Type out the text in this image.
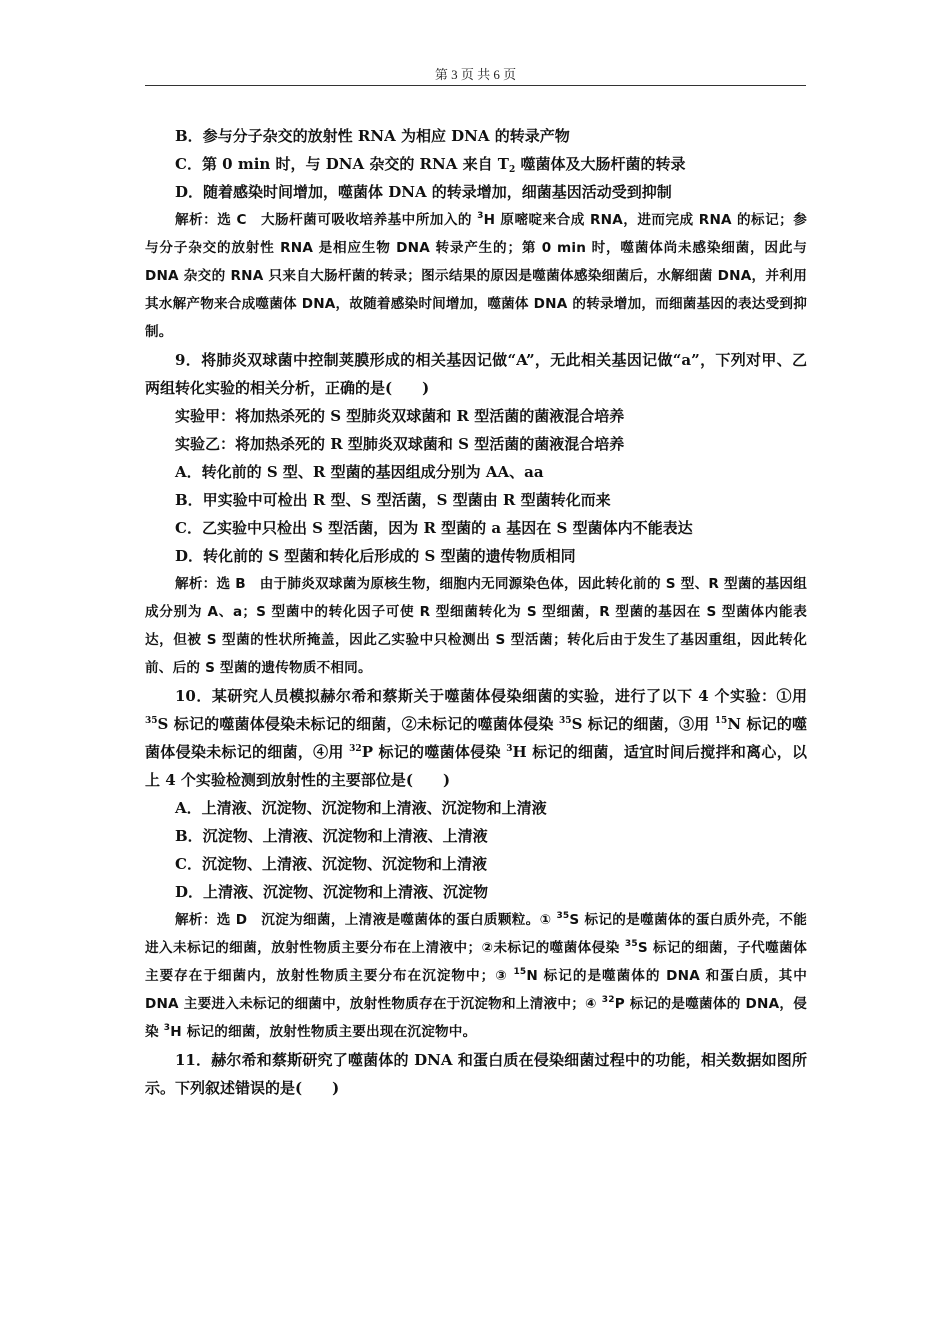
第 3 页 共 6 页

B．参与分子杂交的放射性 RNA 为相应 DNA 的转录产物

C．第 0 min 时，与 DNA 杂交的 RNA 来自 $T_2$ 噬菌体及大肠杆菌的转录

D．随着感染时间增加，噬菌体 DNA 的转录增加，细菌基因活动受到抑制

解析：选 C　大肠杆菌可吸收培养基中所加入的 $^3$H 原嘧啶来合成 RNA，进而完成 RNA 的标记；参与分子杂交的放射性 RNA 是相应生物 DNA 转录产生的；第 0 min 时，噬菌体尚未感染细菌，因此与 DNA 杂交的 RNA 只来自大肠杆菌的转录；图示结果的原因是噬菌体感染细菌后，水解细菌 DNA，并利用其水解产物来合成噬菌体 DNA，故随着感染时间增加，噬菌体 DNA 的转录增加，而细菌基因的表达受到抑制。

9．将肺炎双球菌中控制荚膜形成的相关基因记做“A”，无此相关基因记做“a”，下列对甲、乙两组转化实验的相关分析，正确的是(　　)

实验甲：将加热杀死的 S 型肺炎双球菌和 R 型活菌的菌液混合培养

实验乙：将加热杀死的 R 型肺炎双球菌和 S 型活菌的菌液混合培养

A．转化前的 S 型、R 型菌的基因组成分别为 AA、aa

B．甲实验中可检出 R 型、S 型活菌，S 型菌由 R 型菌转化而来

C．乙实验中只检出 S 型活菌，因为 R 型菌的 a 基因在 S 型菌体内不能表达

D．转化前的 S 型菌和转化后形成的 S 型菌的遗传物质相同

解析：选 B　由于肺炎双球菌为原核生物，细胞内无同源染色体，因此转化前的 S 型、R 型菌的基因组成分别为 A、a；S 型菌中的转化因子可使 R 型细菌转化为 S 型细菌，R 型菌的基因在 S 型菌体内能表达，但被 S 型菌的性状所掩盖，因此乙实验中只检测出 S 型活菌；转化后由于发生了基因重组，因此转化前、后的 S 型菌的遗传物质不相同。

10．某研究人员模拟赫尔希和蔡斯关于噬菌体侵染细菌的实验，进行了以下 4 个实验：①用 $^{35}$S 标记的噬菌体侵染未标记的细菌，②未标记的噬菌体侵染 $^{35}$S 标记的细菌，③用 $^{15}$N 标记的噬菌体侵染未标记的细菌，④用 $^{32}$P 标记的噬菌体侵染 $^3$H 标记的细菌，适宜时间后搅拌和离心，以上 4 个实验检测到放射性的主要部位是(　　)

A．上清液、沉淀物、沉淀物和上清液、沉淀物和上清液

B．沉淀物、上清液、沉淀物和上清液、上清液

C．沉淀物、上清液、沉淀物、沉淀物和上清液

D．上清液、沉淀物、沉淀物和上清液、沉淀物

解析：选 D　沉淀为细菌，上清液是噬菌体的蛋白质颗粒。① $^{35}$S 标记的是噬菌体的蛋白质外壳，不能进入未标记的细菌，放射性物质主要分布在上清液中；②未标记的噬菌体侵染 $^{35}$S 标记的细菌，子代噬菌体主要存在于细菌内，放射性物质主要分布在沉淀物中；③ $^{15}$N 标记的是噬菌体的 DNA 和蛋白质，其中 DNA 主要进入未标记的细菌中，放射性物质存在于沉淀物和上清液中；④ $^{32}$P 标记的是噬菌体的 DNA，侵染 $^3$H 标记的细菌，放射性物质主要出现在沉淀物中。

11．赫尔希和蔡斯研究了噬菌体的 DNA 和蛋白质在侵染细菌过程中的功能，相关数据如图所示。下列叙述错误的是(　　)
